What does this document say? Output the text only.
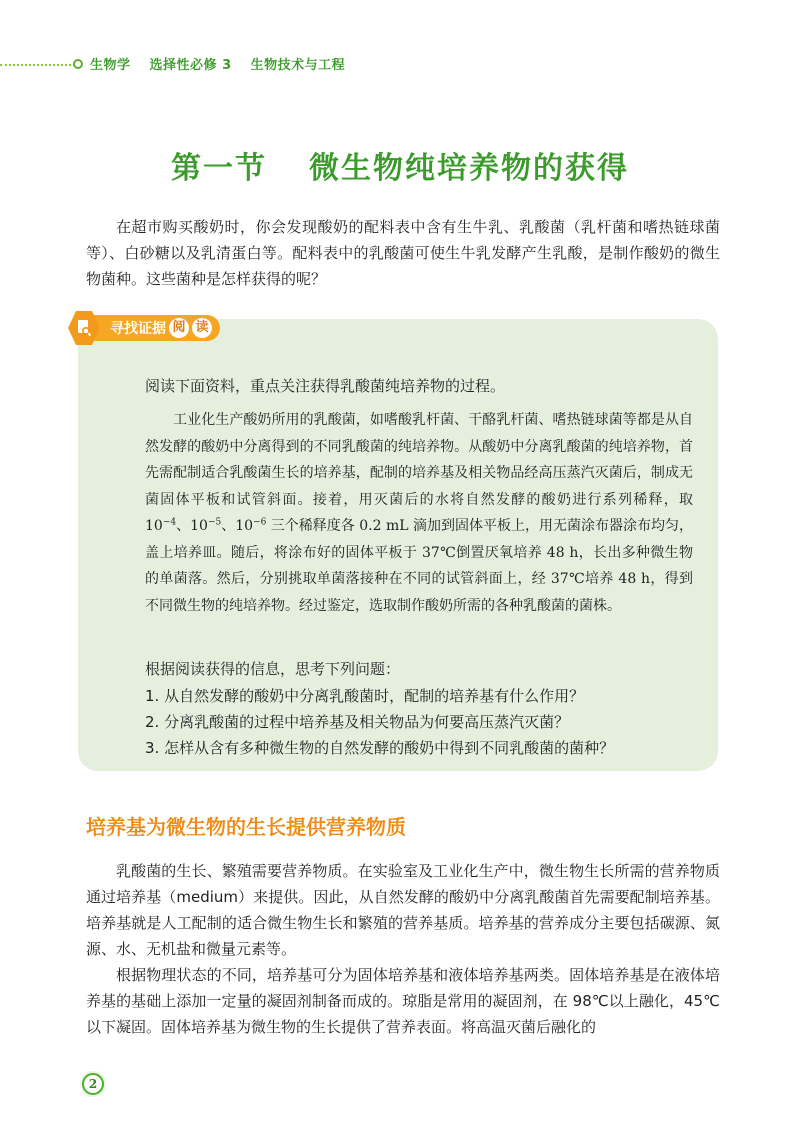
生物学 选择性必修 3 生物技术与工程
第一节 微生物纯培养物的获得

在超市购买酸奶时，你会发现酸奶的配料表中含有生牛乳、乳酸菌（乳杆菌和嗜热链球菌等）、白砂糖以及乳清蛋白等。配料表中的乳酸菌可使生牛乳发酵产生乳酸，是制作酸奶的微生物菌种。这些菌种是怎样获得的呢？

寻找证据 阅 读
阅读下面资料，重点关注获得乳酸菌纯培养物的过程。

　　工业化生产酸奶所用的乳酸菌，如嗜酸乳杆菌、干酪乳杆菌、嗜热链球菌等都是从自然发酵的酸奶中分离得到的不同乳酸菌的纯培养物。从酸奶中分离乳酸菌的纯培养物，首先需配制适合乳酸菌生长的培养基，配制的培养基及相关物品经高压蒸汽灭菌后，制成无菌固体平板和试管斜面。接着，用灭菌后的水将自然发酵的酸奶进行系列稀释，取 $10^{-4}$、$10^{-5}$、$10^{-6}$ 三个稀释度各 0.2 mL 滴加到固体平板上，用无菌涂布器涂布均匀，盖上培养皿。随后，将涂布好的固体平板于 37℃倒置厌氧培养 48 h，长出多种微生物的单菌落。然后，分别挑取单菌落接种在不同的试管斜面上，经 37℃培养 48 h，得到不同微生物的纯培养物。经过鉴定，选取制作酸奶所需的各种乳酸菌的菌株。

根据阅读获得的信息，思考下列问题：
1. 从自然发酵的酸奶中分离乳酸菌时，配制的培养基有什么作用？
2. 分离乳酸菌的过程中培养基及相关物品为何要高压蒸汽灭菌？
3. 怎样从含有多种微生物的自然发酵的酸奶中得到不同乳酸菌的菌种？
培养基为微生物的生长提供营养物质

乳酸菌的生长、繁殖需要营养物质。在实验室及工业化生产中，微生物生长所需的营养物质通过培养基（medium）来提供。因此，从自然发酵的酸奶中分离乳酸菌首先需要配制培养基。培养基就是人工配制的适合微生物生长和繁殖的营养基质。培养基的营养成分主要包括碳源、氮源、水、无机盐和微量元素等。

根据物理状态的不同，培养基可分为固体培养基和液体培养基两类。固体培养基是在液体培养基的基础上添加一定量的凝固剂制备而成的。琼脂是常用的凝固剂，在 98℃以上融化，45℃以下凝固。固体培养基为微生物的生长提供了营养表面。将高温灭菌后融化的

2
